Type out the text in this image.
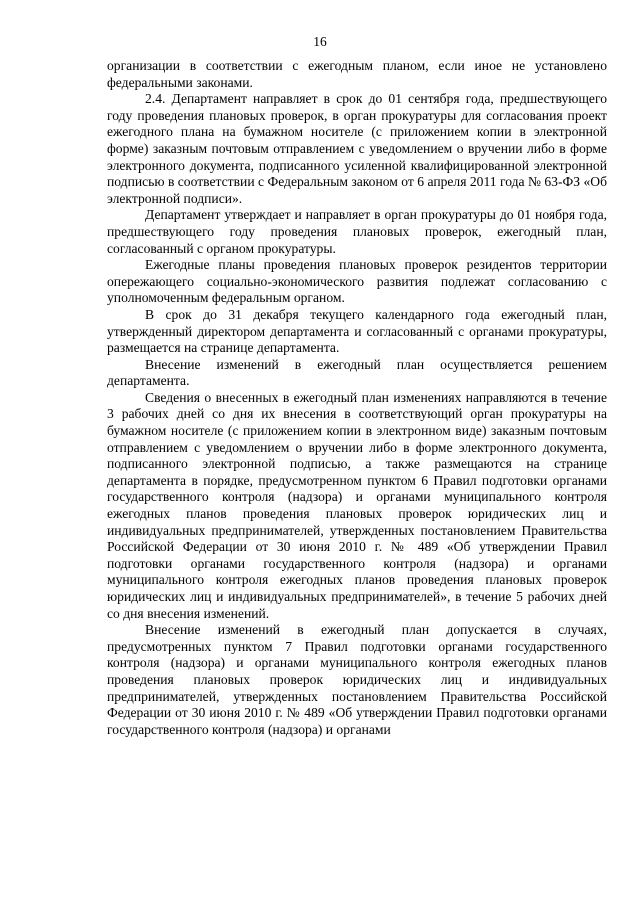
16

организации в соответствии с ежегодным планом, если иное не установлено федеральными законами.

2.4. Департамент направляет в срок до 01 сентября года, предшествующего году проведения плановых проверок, в орган прокуратуры для согласования проект ежегодного плана на бумажном носителе (с приложением копии в электронной форме) заказным почтовым отправлением с уведомлением о вручении либо в форме электронного документа, подписанного усиленной квалифицированной электронной подписью в соответствии с Федеральным законом от 6 апреля 2011 года № 63-ФЗ «Об электронной подписи».

Департамент утверждает и направляет в орган прокуратуры до 01 ноября года, предшествующего году проведения плановых проверок, ежегодный план, согласованный с органом прокуратуры.

Ежегодные планы проведения плановых проверок резидентов территории опережающего социально-экономического развития подлежат согласованию с уполномоченным федеральным органом.

В срок до 31 декабря текущего календарного года ежегодный план, утвержденный директором департамента и согласованный с органами прокуратуры, размещается на странице департамента.

Внесение изменений в ежегодный план осуществляется решением департамента.

Сведения о внесенных в ежегодный план изменениях направляются в течение 3 рабочих дней со дня их внесения в соответствующий орган прокуратуры на бумажном носителе (с приложением копии в электронном виде) заказным почтовым отправлением с уведомлением о вручении либо в форме электронного документа, подписанного электронной подписью, а также размещаются на странице департамента в порядке, предусмотренном пунктом 6 Правил подготовки органами государственного контроля (надзора) и органами муниципального контроля ежегодных планов проведения плановых проверок юридических лиц и индивидуальных предпринимателей, утвержденных постановлением Правительства Российской Федерации от 30 июня 2010 г. № 489 «Об утверждении Правил подготовки органами государственного контроля (надзора) и органами муниципального контроля ежегодных планов проведения плановых проверок юридических лиц и индивидуальных предпринимателей», в течение 5 рабочих дней со дня внесения изменений.

Внесение изменений в ежегодный план допускается в случаях, предусмотренных пунктом 7 Правил подготовки органами государственного контроля (надзора) и органами муниципального контроля ежегодных планов проведения плановых проверок юридических лиц и индивидуальных предпринимателей, утвержденных постановлением Правительства Российской Федерации от 30 июня 2010 г. № 489 «Об утверждении Правил подготовки органами государственного контроля (надзора) и органами
